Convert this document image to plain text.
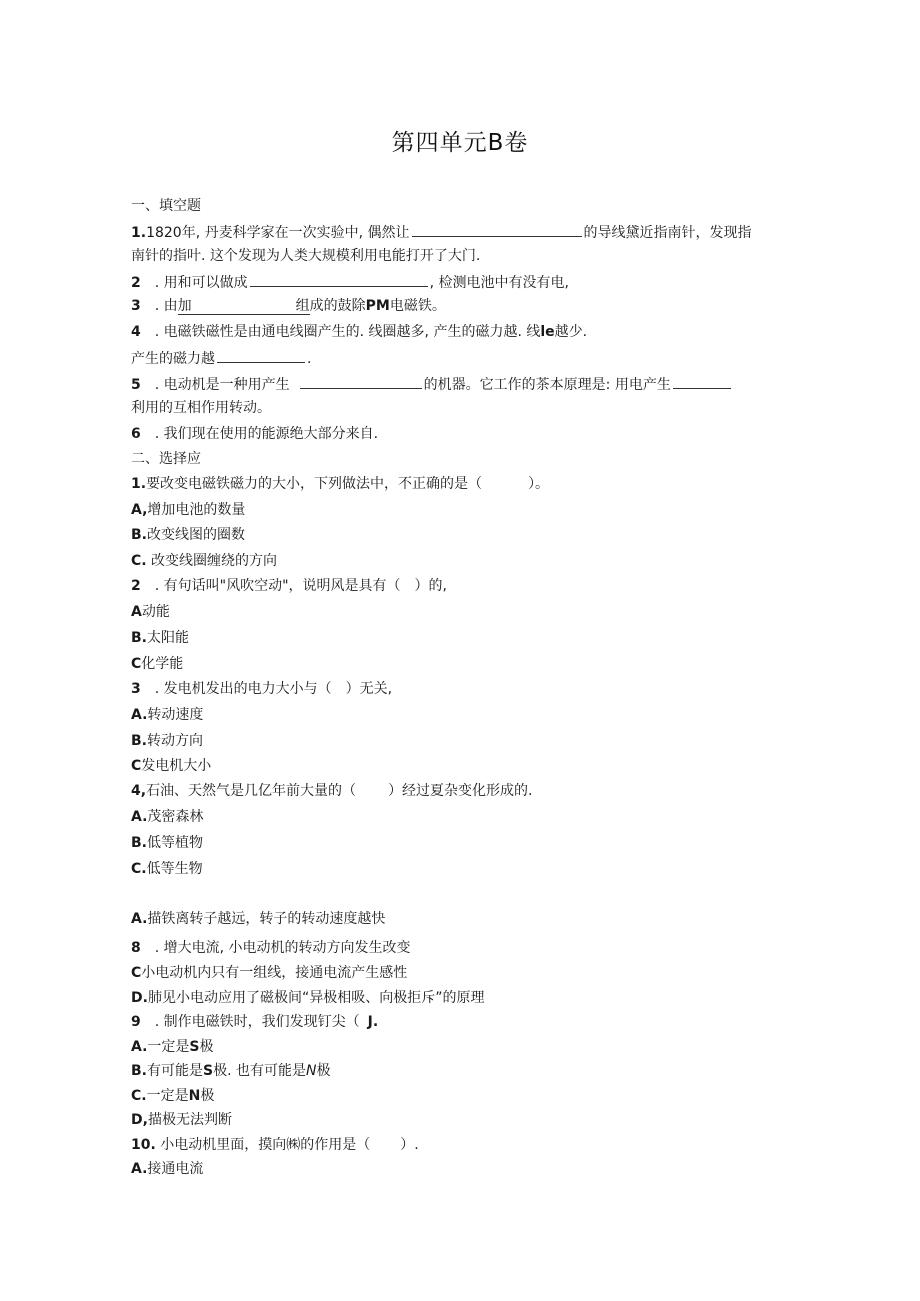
第四单元B卷
一、填空题
1.1820年, 丹麦科学家在一次实验中, 偶然让	的导线黛近指南针，发现指
南针的指叶. 这个发现为人类大规模利用电能打开了大门.
2 . 用和可以做成	, 检测电池中有没有电,
3 . 由加	组成的鼓除PM电磁铁。
4 . 电磁铁磁性是由通电线圈产生的. 线圈越多, 产生的磁力越. 线le越少.
产生的磁力越	.
5 . 电动机是一种用产生	的机器。它工作的茶本原理是: 用电产生
利用的互相作用转动。
6 . 我们现在使用的能源绝大部分来自.
二、选择应
1.要改变电磁铁磁力的大小，下列做法中，不正确的是（	）。
A,增加电池的数量
B.改变线图的圈数
C. 改变线圈缠绕的方向
2 . 有句话叫"风吹空动"，说明风是具有（ ）的,
A动能
B.太阳能
C化学能
3 . 发电机发出的电力大小与（ ）无关,
A.转动速度
B.转动方向
C发电机大小
4,石油、天然气是几亿年前大量的（ ）经过夏杂变化形成的.
A.茂密森林
B.低等植物
C.低等生物
A.描铁离转子越远，转子的转动速度越快
8 . 增大电流, 小电动机的转动方向发生改变
C小电动机内只有一组线，接通电流产生感性
D.肺见小电动应用了磁极间“异极相吸、向极拒斥”的原理
9 . 制作电磁铁时，我们发现钉尖（ J.
A.一定是S极
B.有可能是S极. 也有可能是N极
C.一定是N极
D,描极无法判断
10. 小电动机里面，摸向㈱的作用是（ ）.
A.接通电流
